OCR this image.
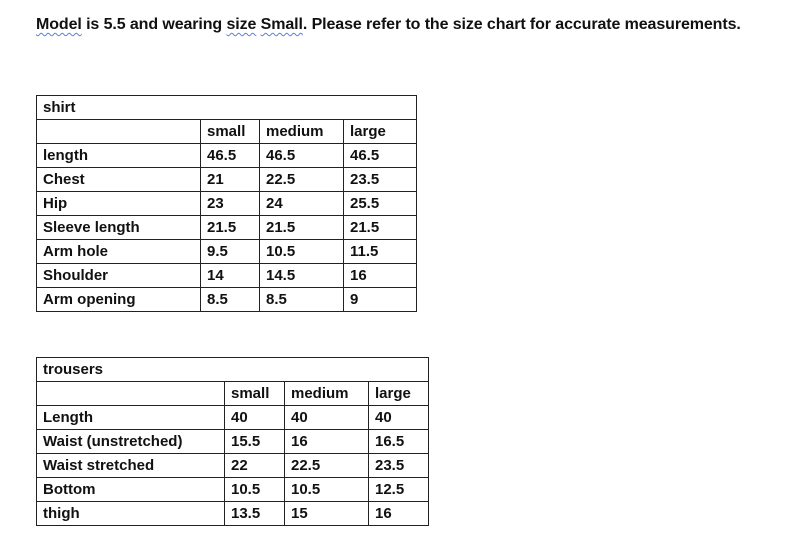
Model is 5.5 and wearing size Small. Please refer to the size chart for accurate measurements.
shirt			
	small	medium	large
length	46.5	46.5	46.5
Chest	21	22.5	23.5
Hip	23	24	25.5
Sleeve length	21.5	21.5	21.5
Arm hole	9.5	10.5	11.5
Shoulder	14	14.5	16
Arm opening	8.5	8.5	9
trousers			
	small	medium	large
Length	40	40	40
Waist (unstretched)	15.5	16	16.5
Waist stretched	22	22.5	23.5
Bottom	10.5	10.5	12.5
thigh	13.5	15	16
